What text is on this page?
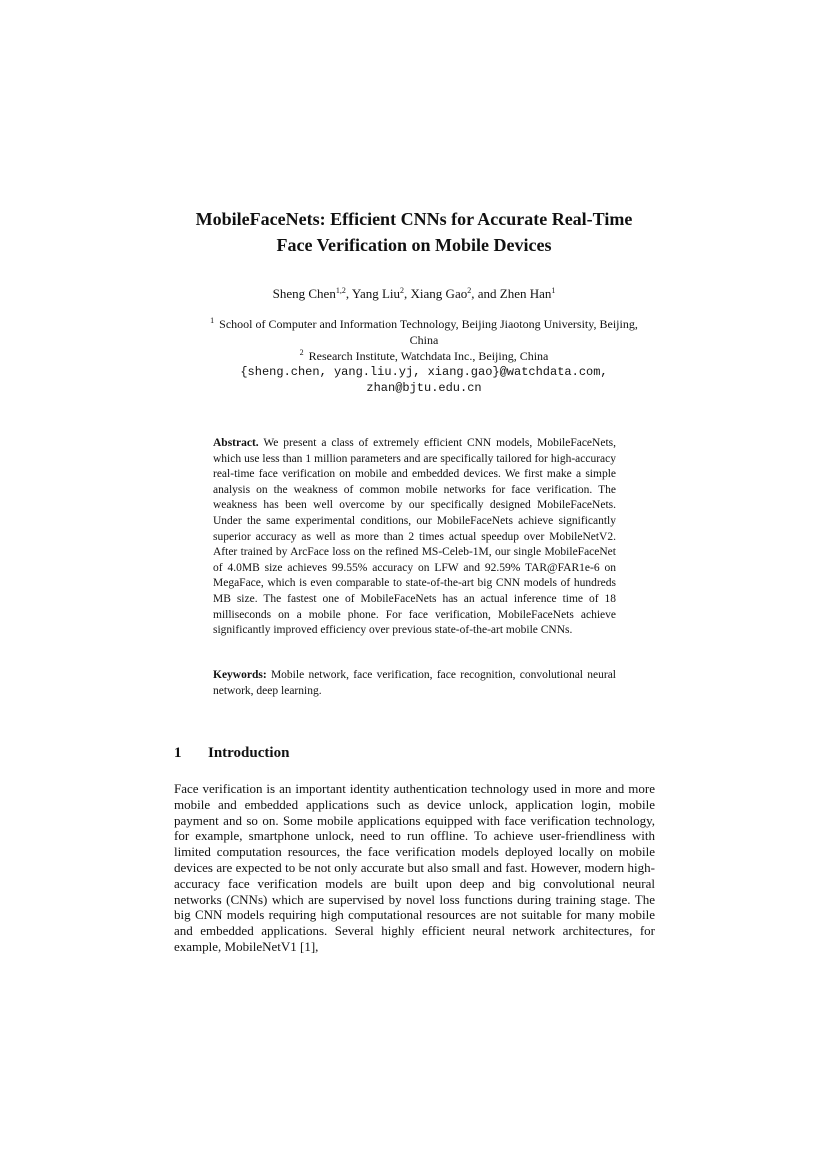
MobileFaceNets: Efficient CNNs for Accurate Real-Time Face Verification on Mobile Devices
Sheng Chen$^{1,2}$, Yang Liu$^2$, Xiang Gao$^2$, and Zhen Han$^1$
$^1$ School of Computer and Information Technology, Beijing Jiaotong University, Beijing, China
$^2$ Research Institute, Watchdata Inc., Beijing, China
{sheng.chen, yang.liu.yj, xiang.gao}@watchdata.com,
zhan@bjtu.edu.cn
Abstract. We present a class of extremely efficient CNN models, MobileFaceNets, which use less than 1 million parameters and are specifically tailored for high-accuracy real-time face verification on mobile and embedded devices. We first make a simple analysis on the weakness of common mobile networks for face verification. The weakness has been well overcome by our specifically designed MobileFaceNets. Under the same experimental conditions, our MobileFaceNets achieve significantly superior accuracy as well as more than 2 times actual speedup over MobileNetV2. After trained by ArcFace loss on the refined MS-Celeb-1M, our single MobileFaceNet of 4.0MB size achieves 99.55% accuracy on LFW and 92.59% TAR@FAR1e-6 on MegaFace, which is even comparable to state-of-the-art big CNN models of hundreds MB size. The fastest one of MobileFaceNets has an actual inference time of 18 milliseconds on a mobile phone. For face verification, MobileFaceNets achieve significantly improved efficiency over previous state-of-the-art mobile CNNs.
Keywords: Mobile network, face verification, face recognition, convolutional neural network, deep learning.
1 Introduction
Face verification is an important identity authentication technology used in more and more mobile and embedded applications such as device unlock, application login, mobile payment and so on. Some mobile applications equipped with face verification technology, for example, smartphone unlock, need to run offline. To achieve user-friendliness with limited computation resources, the face verification models deployed locally on mobile devices are expected to be not only accurate but also small and fast. However, modern high-accuracy face verification models are built upon deep and big convolutional neural networks (CNNs) which are supervised by novel loss functions during training stage. The big CNN models requiring high computational resources are not suitable for many mobile and embedded applications. Several highly efficient neural network architectures, for example, MobileNetV1 [1],
